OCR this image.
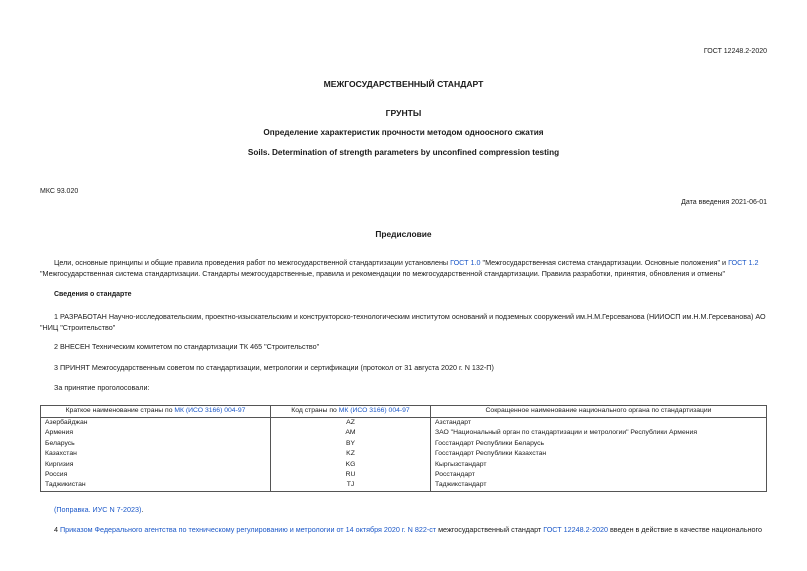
ГОСТ 12248.2-2020
МЕЖГОСУДАРСТВЕННЫЙ СТАНДАРТ
ГРУНТЫ
Определение характеристик прочности методом одноосного сжатия
Soils. Determination of strength parameters by unconfined compression testing
МКС 93.020
Дата введения 2021-06-01
Предисловие
Цели, основные принципы и общие правила проведения работ по межгосударственной стандартизации установлены ГОСТ 1.0 "Межгосударственная система стандартизации. Основные положения" и ГОСТ 1.2
"Межгосударственная система стандартизации. Стандарты межгосударственные, правила и рекомендации по межгосударственной стандартизации. Правила разработки, принятия, обновления и отмены"
Сведения о стандарте
1 РАЗРАБОТАН Научно-исследовательским, проектно-изыскательским и конструкторско-технологическим институтом оснований и подземных сооружений им.Н.М.Герсеванова (НИИОСП им.Н.М.Герсеванова) АО
"НИЦ "Строительство"
2 ВНЕСЕН Техническим комитетом по стандартизации ТК 465 "Строительство"
3 ПРИНЯТ Межгосударственным советом по стандартизации, метрологии и сертификации (протокол от 31 августа 2020 г. N 132-П)
За принятие проголосовали:
Краткое наименование страны по МК (ИСО 3166) 004-97	Код страны по МК (ИСО 3166) 004-97	Сокращенное наименование национального органа по стандартизации
Азербайджан	AZ	Азстандарт
Армения	AM	ЗАО "Национальный орган по стандартизации и метрологии" Республики Армения
Беларусь	BY	Госстандарт Республики Беларусь
Казахстан	KZ	Госстандарт Республики Казахстан
Киргизия	KG	Кыргызстандарт
Россия	RU	Росстандарт
Таджикистан	TJ	Таджикстандарт
(Поправка. ИУС N 7-2023).
4 Приказом Федерального агентства по техническому регулированию и метрологии от 14 октября 2020 г. N 822-ст межгосударственный стандарт ГОСТ 12248.2-2020 введен в действие в качестве национального
